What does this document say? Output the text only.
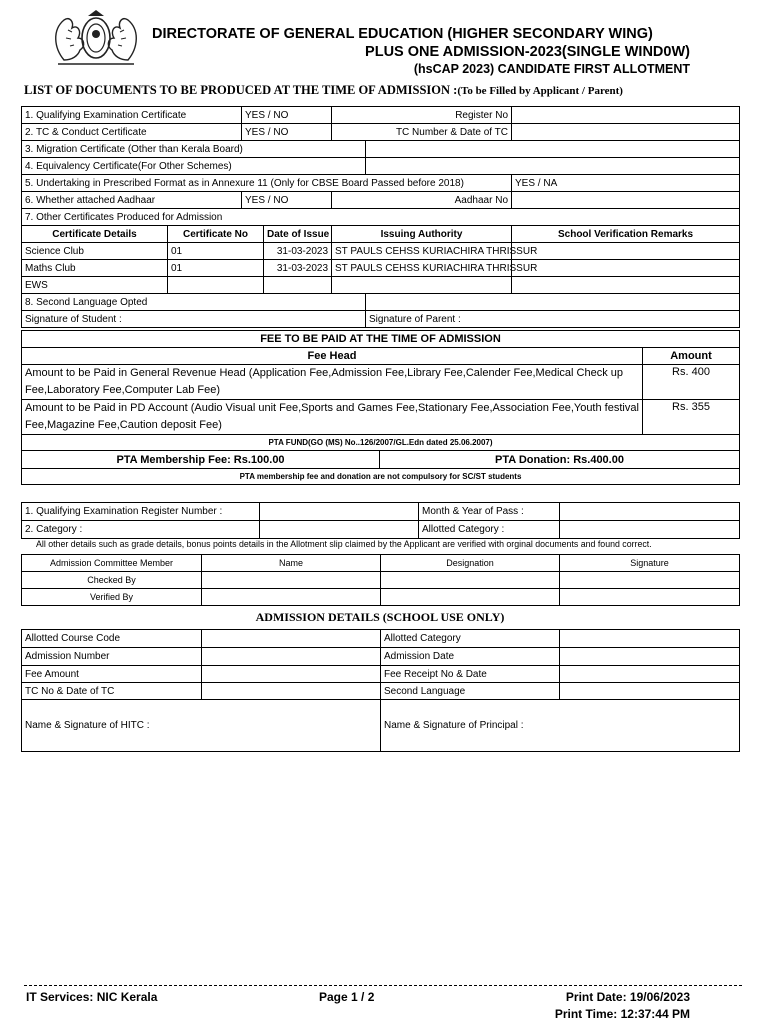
DIRECTORATE OF GENERAL EDUCATION (HIGHER SECONDARY WING)
PLUS ONE ADMISSION-2023(SINGLE WIND0W)
(hsCAP 2023) CANDIDATE FIRST ALLOTMENT
LIST OF DOCUMENTS TO BE PRODUCED AT THE TIME OF ADMISSION :(To be Filled by Applicant / Parent)
1. Qualifying Examination Certificate		YES / NO		Register No		
2. TC & Conduct Certificate		YES / NO		TC Number & Date of TC		
3. Migration Certificate (Other than Kerala Board)						
4. Equivalency Certificate(For Other Schemes)						
5. Undertaking in Prescribed Format as in Annexure 11 (Only for CBSE Board Passed before 2018)						YES / NA
6. Whether attached Aadhaar		YES / NO		Aadhaar No		
7. Other Certificates Produced for Admission						
Certificate Details	Certificate No		Date of Issue	Issuing Authority		School Verification Remarks
Science Club	01		31-03-2023	ST PAULS CEHSS KURIACHIRA THRISSUR		
Maths Club	01		31-03-2023	ST PAULS CEHSS KURIACHIRA THRISSUR		
EWS						
8. Second Language Opted						
Signature of Student :					Signature of Parent :	
FEE TO BE PAID AT THE TIME OF ADMISSION		
Fee Head		Amount
Amount to be Paid in General Revenue Head (Application Fee,Admission Fee,Library Fee,Calender Fee,Medical Check up Fee,Laboratory Fee,Computer Lab Fee)		Rs. 400
Amount to be Paid in PD Account (Audio Visual unit Fee,Sports and Games Fee,Stationary Fee,Association Fee,Youth festival Fee,Magazine Fee,Caution deposit Fee)		Rs. 355
PTA FUND(GO (MS) No..126/2007/GL.Edn dated 25.06.2007)		
PTA Membership Fee: Rs.100.00	PTA Donation: Rs.400.00	
PTA membership fee and donation are not compulsory for SC/ST students		
1. Qualifying Examination Register Number :		Month & Year of Pass :	
2. Category :		Allotted Category :	
All other details such as grade details, bonus points details in the Allotment slip claimed by the Applicant are verified with orginal documents and found correct.
Admission Committee Member	Name	Designation	Signature
Checked By			
Verified By			
ADMISSION DETAILS (SCHOOL USE ONLY)
Allotted Course Code		Allotted Category	
Admission Number		Admission Date	
Fee Amount		Fee Receipt No & Date	
TC No & Date of TC		Second Language	
Name & Signature of HITC :		Name & Signature of Principal :	
IT Services: NIC Kerala	Page 1 / 2	Print Date: 19/06/2023
Print Time: 12:37:44 PM
